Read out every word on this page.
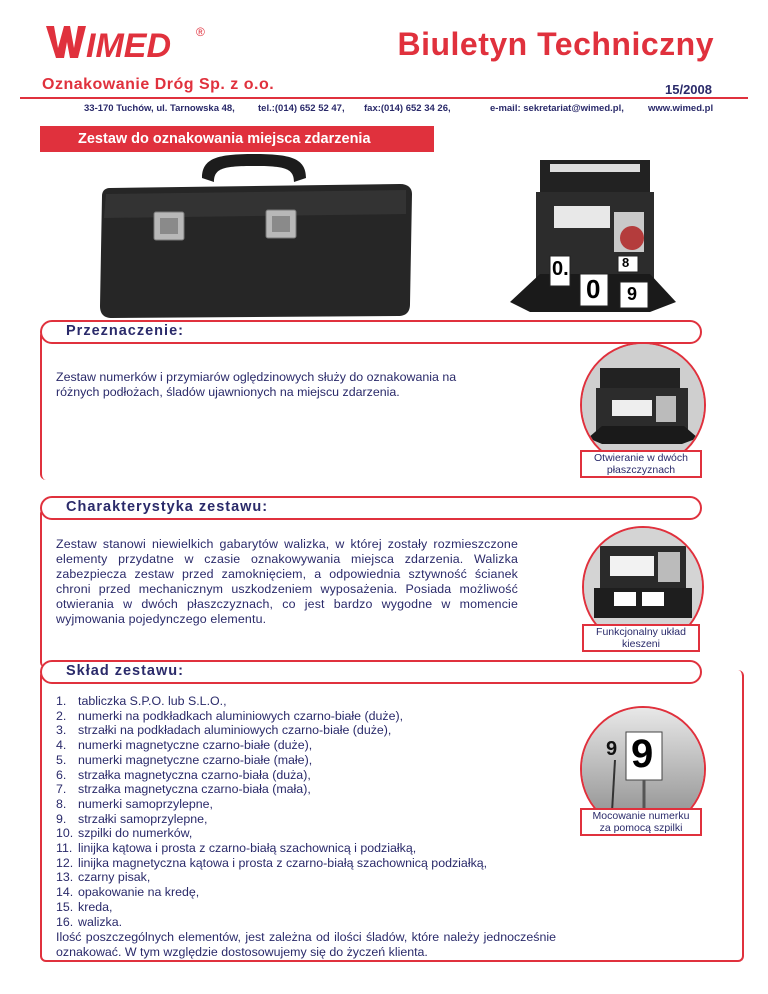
IMED ®	Biuletyn Techniczny
Oznakowanie Dróg Sp. z o.o.	15/2008
33-170 Tuchów, ul. Tarnowska 48, tel.:(014) 652 52 47, fax:(014) 652 34 26,	e-mail: sekretariat@wimed.pl,	www.wimed.pl
Zestaw do oznakowania miejsca zdarzenia
0.	8
0 9
Przeznaczenie:

Zestaw numerków i przymiarów oględzinowych służy do oznakowania na

różnych podłożach, śladów ujawnionych na miejscu zdarzenia.

Otwieranie w dwóch
płaszczyznach
Charakterystyka zestawu:
Zestaw stanowi niewielkich gabarytów walizka, w której zostały rozmieszczone elementy przydatne w czasie oznakowywania miejsca zdarzenia. Walizka zabezpiecza zestaw przed zamoknięciem, a odpowiednia sztywność ścianek chroni przed mechanicznym uszkodzeniem wyposażenia. Posiada możliwość otwierania w dwóch płaszczyznach, co jest bardzo wygodne w momencie wyjmowania pojedynczego elementu.
Funkcjonalny układ
kieszeni
Skład zestawu:
1. tabliczka S.P.O. lub S.L.O.,
2. numerki na podkładkach aluminiowych czarno-białe (duże),
3. strzałki na podkładach aluminiowych czarno-białe (duże),
4. numerki magnetyczne czarno-białe (duże),
5. numerki magnetyczne czarno-białe (małe),
6. strzałka magnetyczna czarno-biała (duża),
7. strzałka magnetyczna czarno-biała (mała),
8. numerki samoprzylepne,
9. strzałki samoprzylepne,
10. szpilki do numerków,
11. linijka kątowa i prosta z czarno-białą szachownicą i podziałką,
12. linijka magnetyczna kątowa i prosta z czarno-białą szachownicą podziałką,
13. czarny pisak,
14. opakowanie na kredę,
15. kreda,
16. walizka.
Ilość poszczególnych elementów, jest zależna od ilości śladów, które należy jednocześnie oznakować. W tym względzie dostosowujemy się do życzeń klienta.
9 9
Mocowanie numerku
za pomocą szpilki
